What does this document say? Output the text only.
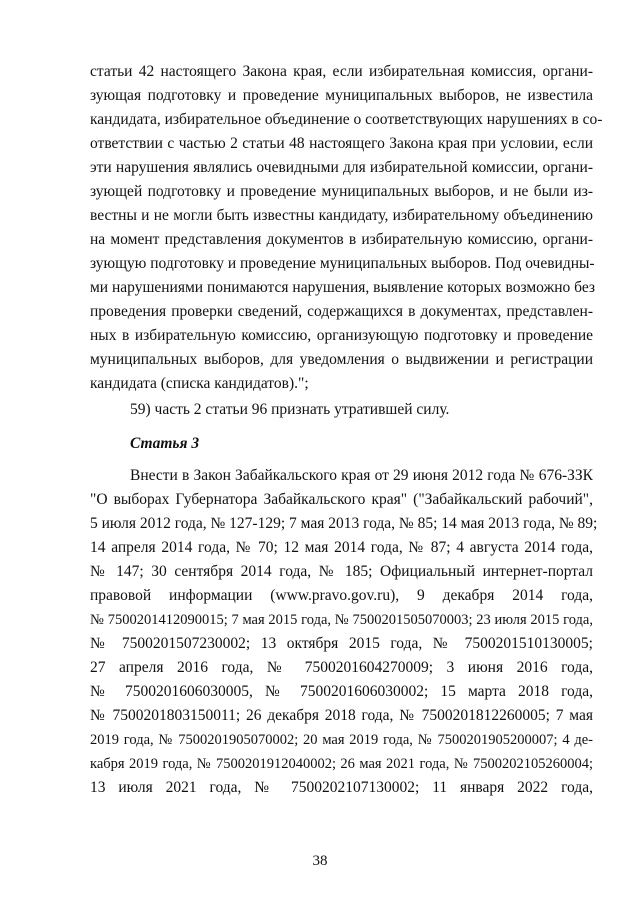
статьи 42 настоящего Закона края, если избирательная комиссия, органи-
зующая подготовку и проведение муниципальных выборов, не известила
кандидата, избирательное объединение о соответствующих нарушениях в со-
ответствии с частью 2 статьи 48 настоящего Закона края при условии, если
эти нарушения являлись очевидными для избирательной комиссии, органи-
зующей подготовку и проведение муниципальных выборов, и не были из-
вестны и не могли быть известны кандидату, избирательному объединению
на момент представления документов в избирательную комиссию, органи-
зующую подготовку и проведение муниципальных выборов. Под очевидны-
ми нарушениями понимаются нарушения, выявление которых возможно без
проведения проверки сведений, содержащихся в документах, представлен-
ных в избирательную комиссию, организующую подготовку и проведение
муниципальных выборов, для уведомления о выдвижении и регистрации
кандидата (списка кандидатов).";
59) часть 2 статьи 96 признать утратившей силу.
Статья 3
Внести в Закон Забайкальского края от 29 июня 2012 года № 676-ЗЗК
"О выборах Губернатора Забайкальского края" ("Забайкальский рабочий",
5 июля 2012 года, № 127-129; 7 мая 2013 года, № 85; 14 мая 2013 года, № 89;
14 апреля 2014 года, № 70; 12 мая 2014 года, № 87; 4 августа 2014 года,
№ 147; 30 сентября 2014 года, № 185; Официальный интернет-портал
правовой информации (www.pravo.gov.ru), 9 декабря 2014 года,
№ 7500201412090015; 7 мая 2015 года, № 7500201505070003; 23 июля 2015 года,
№ 7500201507230002; 13 октября 2015 года, № 7500201510130005;
27 апреля 2016 года, № 7500201604270009; 3 июня 2016 года,
№ 7500201606030005, № 7500201606030002; 15 марта 2018 года,
№ 7500201803150011; 26 декабря 2018 года, № 7500201812260005; 7 мая
2019 года, № 7500201905070002; 20 мая 2019 года, № 7500201905200007; 4 де-
кабря 2019 года, № 7500201912040002; 26 мая 2021 года, № 7500202105260004;
13 июля 2021 года, № 7500202107130002; 11 января 2022 года,
38
